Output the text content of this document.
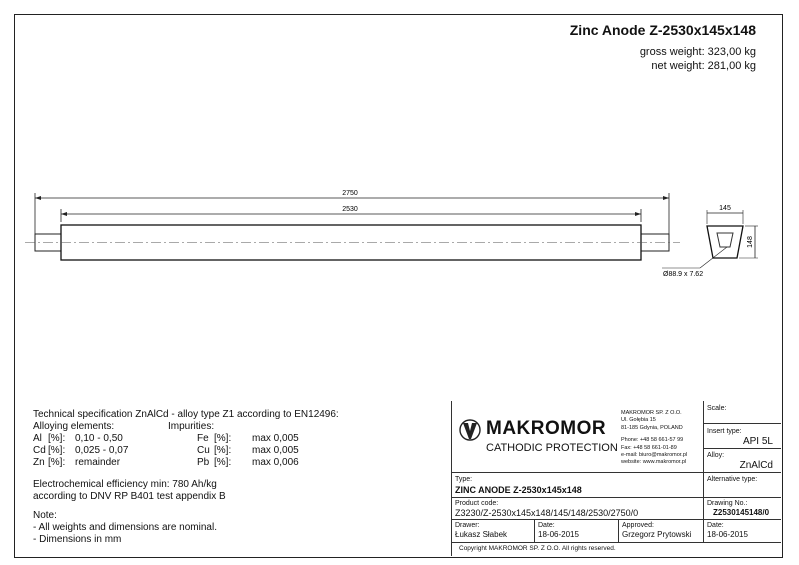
Zinc Anode Z-2530x145x148
gross weight: 323,00 kg
net weight: 281,00 kg
2750
2530	145
148
Ø88.9 x 7.62
Technical specification ZnAlCd - alloy type Z1 according to EN12496:
Alloying elements:	Impurities:
Al [%]: 0,10 - 0,50
Cd [%]: 0,025 - 0,07
Zn [%]: remainder
Fe [%]: max 0,005
Cu [%]: max 0,005
Pb [%]: max 0,006
Electrochemical efficiency min: 780 Ah/kg
according to DNV RP B401 test appendix B
Note:
- All weights and dimensions are nominal.
- Dimensions in mm
MAKROMOR
CATHODIC PROTECTION
MAKROMOR SP. Z O.O.
Ul. Gołębia 15
81-185 Gdynia, POLAND
Phone: +48 58 661-57 99
Fax: +48 58 661-01-89
e-mail: biuro@makromor.pl
website: www.makromor.pl
Scale:
Insert type:
API 5L
Alloy:
ZnAlCd
Alternative type:
Type:
ZINC ANODE Z-2530x145x148
Product code:
Z3230/Z-2530x145x148/145/148/2530/2750/0
Drawing No.:
Z2530145148/0
Drawer:
Łukasz Słabek
Date:
18-06-2015
Approved:
Grzegorz Prytowski
Date:
18-06-2015
Copyright MAKROMOR SP. Z O.O. All rights reserved.
